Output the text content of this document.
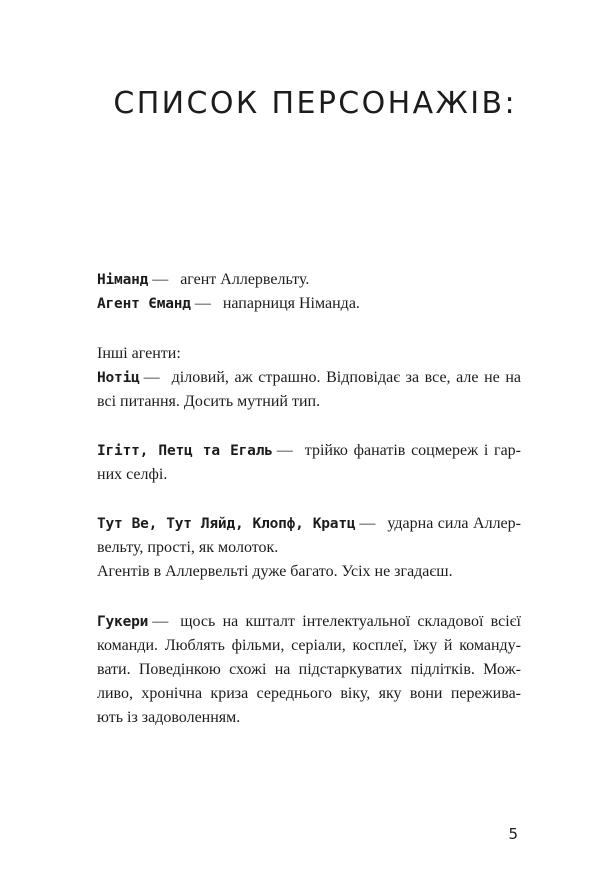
СПИСОК ПЕРСОНАЖІВ:
Німанд — агент Аллервельту.
Агент Єманд — напарниця Німанда.
Інші агенти:
Нотіц — діловий, аж страшно. Відповідає за все, але не на
всі питання. Досить мутний тип.
Ігітт, Петц та Егаль — трійко фанатів соцмереж і гар-
них селфі.
Тут Ве, Тут Ляйд, Клопф, Кратц — ударна сила Аллер-
вельту, прості, як молоток.
Агентів в Аллервельті дуже багато. Усіх не згадаєш.
Гукери — щось на кшталт інтелектуальної складової всієї
команди. Люблять фільми, серіали, косплеї, їжу й команду-
вати. Поведінкою схожі на підстаркуватих підлітків. Мож-
ливо, хронічна криза середнього віку, яку вони пережива-
ють із задоволенням.
5
